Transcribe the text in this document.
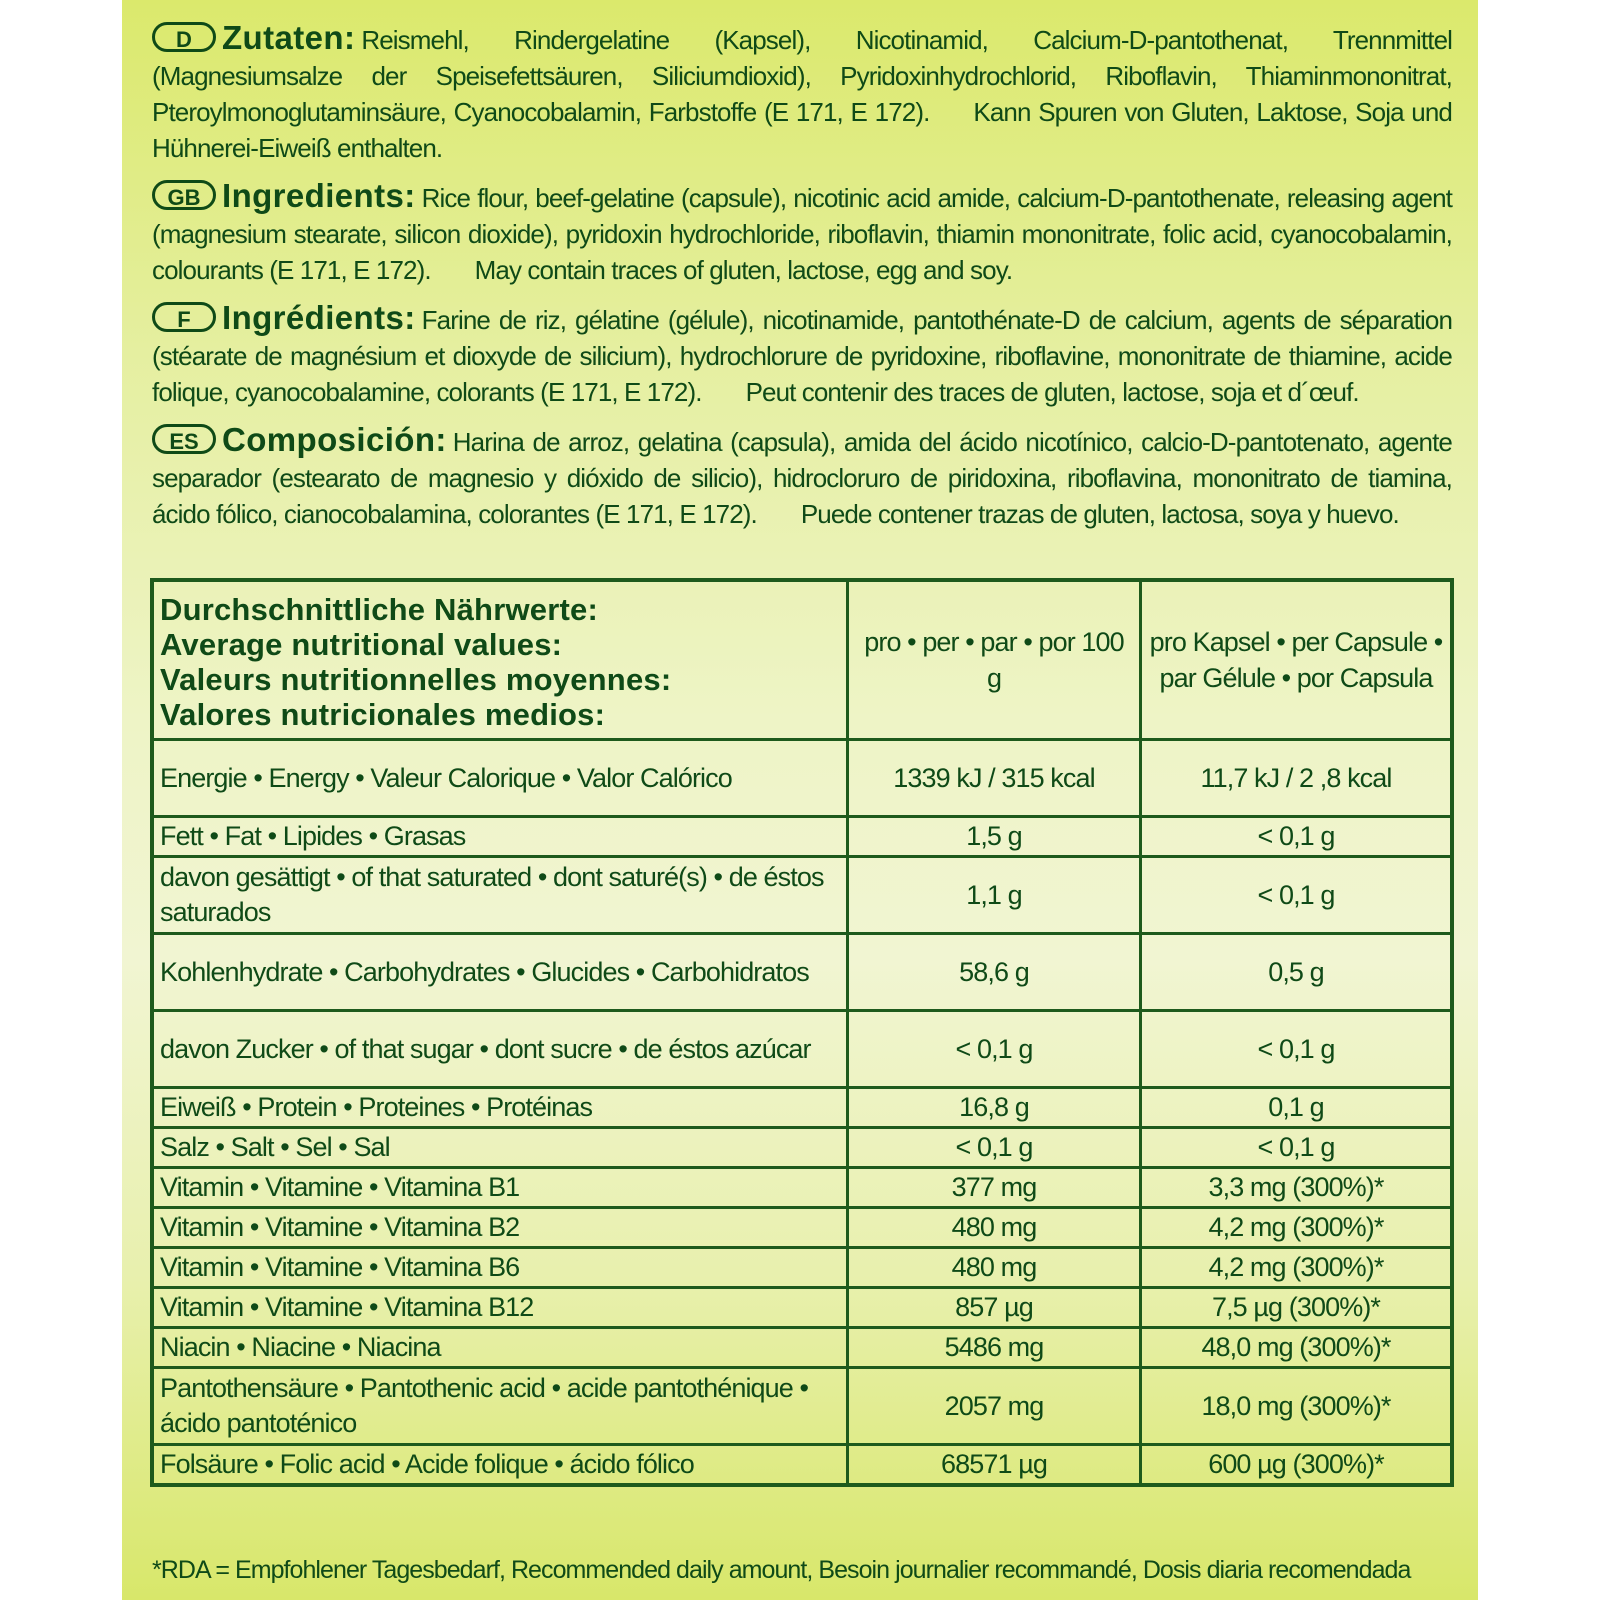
D Zutaten: Reismehl, Rindergelatine (Kapsel), Nicotinamid, Calcium-D-pantothenat, Trennmittel (Magnesiumsalze der Speisefettsäuren, Siliciumdioxid), Pyridoxinhydrochlorid, Riboflavin, Thiaminmononitrat, Pteroylmonoglutaminsäure, Cyanocobalamin, Farbstoffe (E 171, E 172). Kann Spuren von Gluten, Laktose, Soja und Hühnerei-Eiweiß enthalten.
GB Ingredients: Rice flour, beef-gelatine (capsule), nicotinic acid amide, calcium-D-pantothenate, releasing agent (magnesium stearate, silicon dioxide), pyridoxin hydrochloride, riboflavin, thiamin mononitrate, folic acid, cyanocobalamin, colourants (E 171, E 172). May contain traces of gluten, lactose, egg and soy.
F Ingrédients: Farine de riz, gélatine (gélule), nicotinamide, pantothénate-D de calcium, agents de séparation (stéarate de magnésium et dioxyde de silicium), hydrochlorure de pyridoxine, riboflavine, mononitrate de thiamine, acide folique, cyanocobalamine, colorants (E 171, E 172). Peut contenir des traces de gluten, lactose, soja et d´œuf.
ES Composición: Harina de arroz, gelatina (capsula), amida del ácido nicotínico, calcio-D-pantotenato, agente separador (estearato de magnesio y dióxido de silicio), hidrocloruro de piridoxina, riboflavina, mononitrato de tiamina, ácido fólico, cianocobalamina, colorantes (E 171, E 172). Puede contener trazas de gluten, lactosa, soya y huevo.
Durchschnittliche Nährwerte:
Average nutritional values:
Valeurs nutritionnelles moyennes:
Valores nutricionales medios:	pro • per • par • por 100 g	pro Kapsel • per Capsule • par Gélule • por Capsula
Energie • Energy • Valeur Calorique • Valor Calórico	1339 kJ / 315 kcal	11,7 kJ / 2 ,8 kcal
Fett • Fat • Lipides • Grasas	1,5 g	< 0,1 g
davon gesättigt • of that saturated • dont saturé(s) • de éstos saturados	1,1 g	< 0,1 g
Kohlenhydrate • Carbohydrates • Glucides • Carbohidratos	58,6 g	0,5 g
davon Zucker • of that sugar • dont sucre • de éstos azúcar	< 0,1 g	< 0,1 g
Eiweiß • Protein • Proteines • Protéinas	16,8 g	0,1 g
Salz • Salt • Sel • Sal	< 0,1 g	< 0,1 g
Vitamin • Vitamine • Vitamina B1	377 mg	3,3 mg (300%)*
Vitamin • Vitamine • Vitamina B2	480 mg	4,2 mg (300%)*
Vitamin • Vitamine • Vitamina B6	480 mg	4,2 mg (300%)*
Vitamin • Vitamine • Vitamina B12	857 µg	7,5 µg (300%)*
Niacin • Niacine • Niacina	5486 mg	48,0 mg (300%)*
Pantothensäure • Pantothenic acid • acide pantothénique • ácido pantoténico	2057 mg	18,0 mg (300%)*
Folsäure • Folic acid • Acide folique • ácido fólico	68571 µg	600 µg (300%)*
*RDA = Empfohlener Tagesbedarf, Recommended daily amount, Besoin journalier recommandé, Dosis diaria recomendada
